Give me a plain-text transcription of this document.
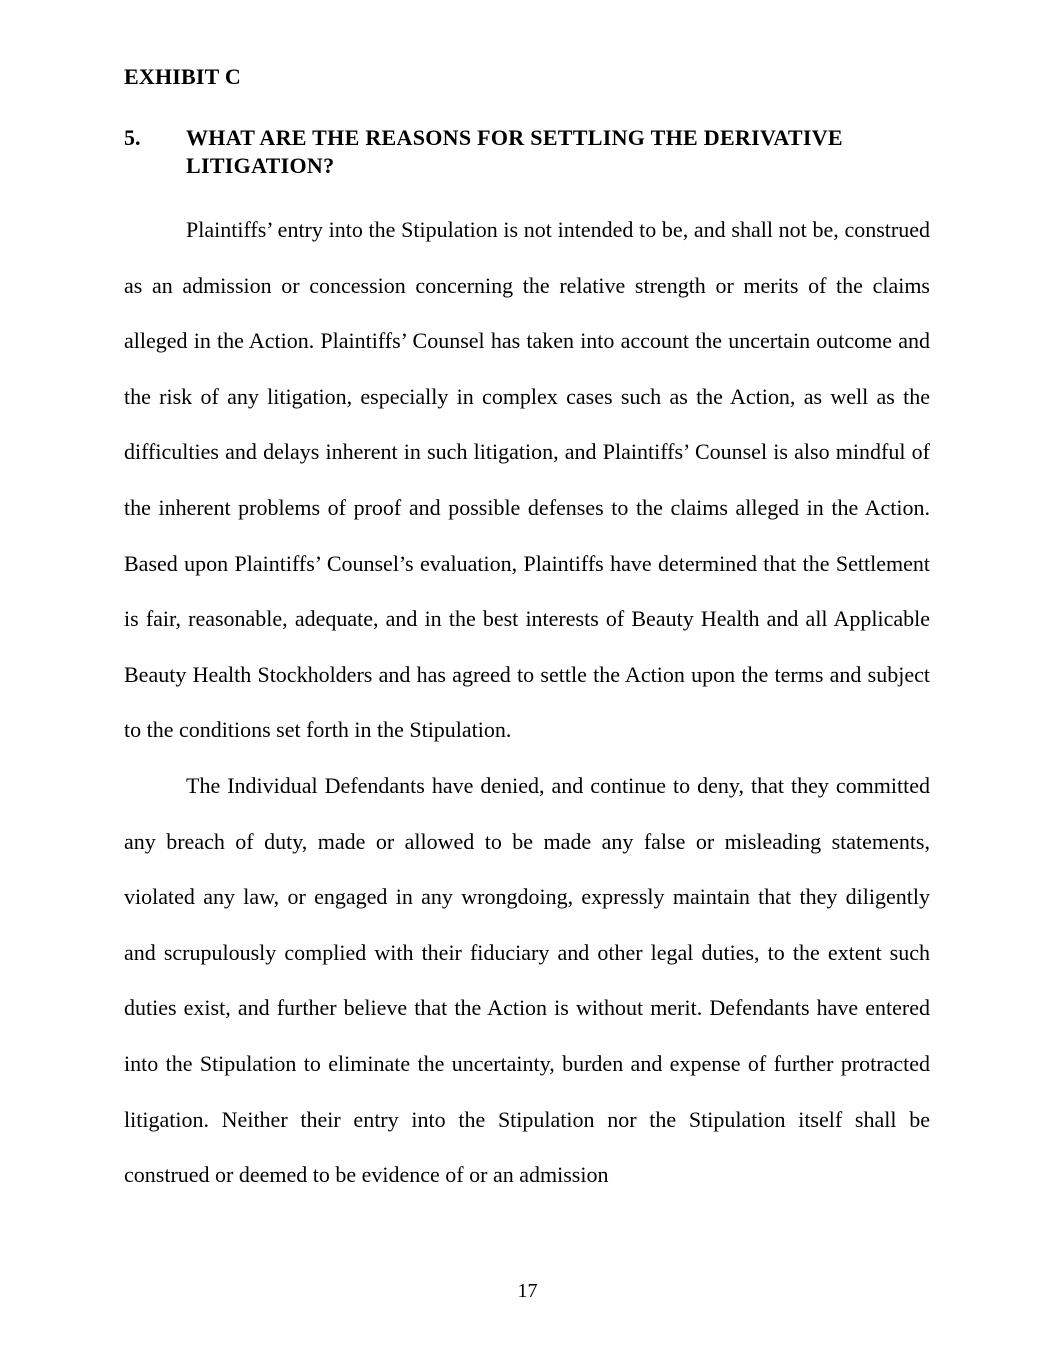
EXHIBIT C
5. WHAT ARE THE REASONS FOR SETTLING THE DERIVATIVE LITIGATION?

Plaintiffs’ entry into the Stipulation is not intended to be, and shall not be, construed as an admission or concession concerning the relative strength or merits of the claims alleged in the Action. Plaintiffs’ Counsel has taken into account the uncertain outcome and the risk of any litigation, especially in complex cases such as the Action, as well as the difficulties and delays inherent in such litigation, and Plaintiffs’ Counsel is also mindful of the inherent problems of proof and possible defenses to the claims alleged in the Action. Based upon Plaintiffs’ Counsel’s evaluation, Plaintiffs have determined that the Settlement is fair, reasonable, adequate, and in the best interests of Beauty Health and all Applicable Beauty Health Stockholders and has agreed to settle the Action upon the terms and subject to the conditions set forth in the Stipulation.

The Individual Defendants have denied, and continue to deny, that they committed any breach of duty, made or allowed to be made any false or misleading statements, violated any law, or engaged in any wrongdoing, expressly maintain that they diligently and scrupulously complied with their fiduciary and other legal duties, to the extent such duties exist, and further believe that the Action is without merit. Defendants have entered into the Stipulation to eliminate the uncertainty, burden and expense of further protracted litigation. Neither their entry into the Stipulation nor the Stipulation itself shall be construed or deemed to be evidence of or an admission

17
